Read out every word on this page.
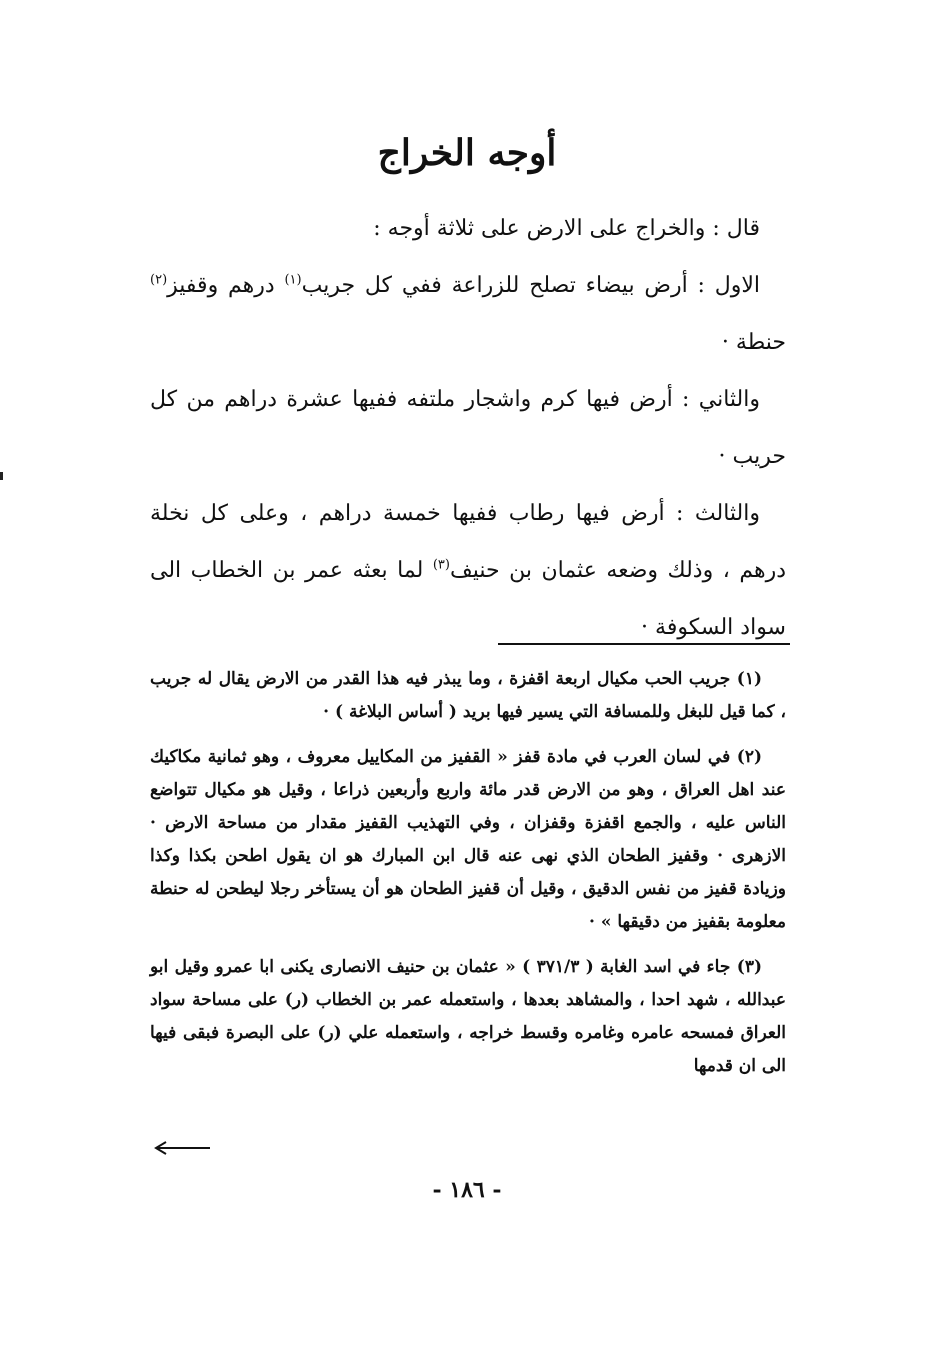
أوجه الخراج

قال : والخراج على الارض على ثلاثة أوجه :

الاول : أرض بيضاء تصلح للزراعة ففي كل جريب$^{(١)}$ درهم وقفيز$^{(٢)}$ حنطة ·

والثاني : أرض فيها كرم واشجار ملتفه ففيها عشرة دراهم من كل حريب ·

والثالث : أرض فيها رطاب ففيها خمسة دراهم ، وعلى كل نخلة درهم ، وذلك وضعه عثمان بن حنيف$^{(٣)}$ لما بعثه عمر بن الخطاب الى سواد السكوفة ·

(١) جريب الحب مكيال اربعة اقفزة ، وما يبذر فيه هذا القدر من الارض يقال له جريب ، كما قيل للبغل وللمسافة التي يسير فيها بريد ( أساس البلاغة ) ·

(٢) في لسان العرب في مادة قفز « القفيز من المكاييل معروف ، وهو ثمانية مكاكيك عند اهل العراق ، وهو من الارض قدر مائة واربع وأربعين ذراعا ، وقيل هو مكيال تتواضع الناس عليه ، والجمع اقفزة وقفزان ، وفي التهذيب القفيز مقدار من مساحة الارض · الازهرى · وقفيز الطحان الذي نهى عنه قال ابن المبارك هو ان يقول اطحن بكذا وكذا وزيادة قفيز من نفس الدقيق ، وقيل أن قفيز الطحان هو أن يستأخر رجلا ليطحن له حنطة معلومة بقفيز من دقيقها » ·

(٣) جاء في اسد الغابة ( ٣٧١/٣ ) « عثمان بن حنيف الانصارى يكنى ابا عمرو وقيل ابو عبدالله ، شهد احدا ، والمشاهد بعدها ، واستعمله عمر بن الخطاب (ر) على مساحة سواد العراق فمسحه عامره وغامره وقسط خراجه ، واستعمله علي (ر) على البصرة فبقى فيها الى ان قدمها

- ١٨٦ -
